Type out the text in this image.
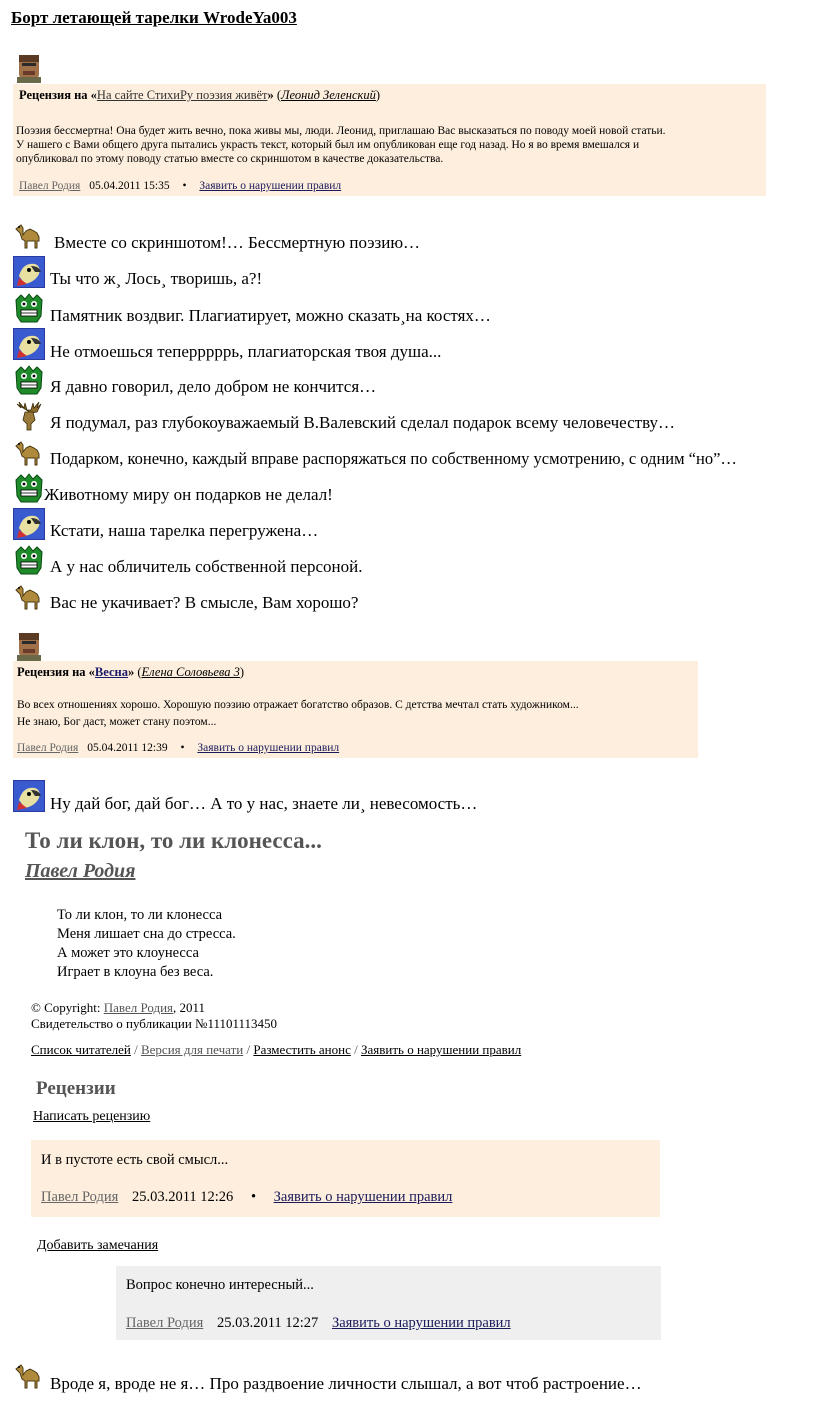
Борт летающей тарелки WrodeYa003
Рецензия на «На сайте СтихиРу поэзия живёт» (Леонид Зеленский)
Поэзия бессмертна! Она будет жить вечно, пока живы мы, люди. Леонид, приглашаю Вас высказаться по поводу моей новой статьи.
У нашего с Вами общего друга пытались украсть текст, который был им опубликован еще год назад. Но я во время вмешался и
опубликовал по этому поводу статью вместе со скриншотом в качестве доказательства.
Павел Родия 05.04.2011 15:35 • Заявить о нарушении правил
Вместе со скриншотом!… Бессмертную поэзию…
Ты что ж¸ Лось¸ творишь, а?!
Памятник воздвиг. Плагиатирует, можно сказать¸на костях…
Не отмоешься теперррррь, плагиаторская твоя душа...
Я давно говорил, дело добром не кончится…
Я подумал, раз глубокоуважаемый В.Валевский сделал подарок всему человечеству…
Подарком, конечно, каждый вправе распоряжаться по собственному усмотрению, с одним “но”…
Животному миру он подарков не делал!
Кстати, наша тарелка перегружена…
А у нас обличитель собственной персоной.
Вас не укачивает? В смысле, Вам хорошо?
Рецензия на «Весна» (Елена Соловьева 3)
Во всех отношениях хорошо. Хорошую поэзию отражает богатство образов. С детства мечтал стать художником...
Не знаю, Бог даст, может стану поэтом...
Павел Родия 05.04.2011 12:39 • Заявить о нарушении правил
Ну дай бог, дай бог… А то у нас, знаете ли¸ невесомость…
То ли клон, то ли клонесса...
Павел Родия
То ли клон, то ли клонесса
Меня лишает сна до стресса.
А может это клоунесса
Играет в клоуна без веса.
© Copyright: Павел Родия, 2011
Свидетельство о публикации №11101113450
Список читателей / Версия для печати / Разместить анонс / Заявить о нарушении правил
Рецензии
Написать рецензию
И в пустоте есть свой смысл...
Павел Родия 25.03.2011 12:26 • Заявить о нарушении правил
Добавить замечания
Вопрос конечно интересный...
Павел Родия 25.03.2011 12:27 Заявить о нарушении правил
Вроде я, вроде не я… Про раздвоение личности слышал, а вот чтоб растроение…
